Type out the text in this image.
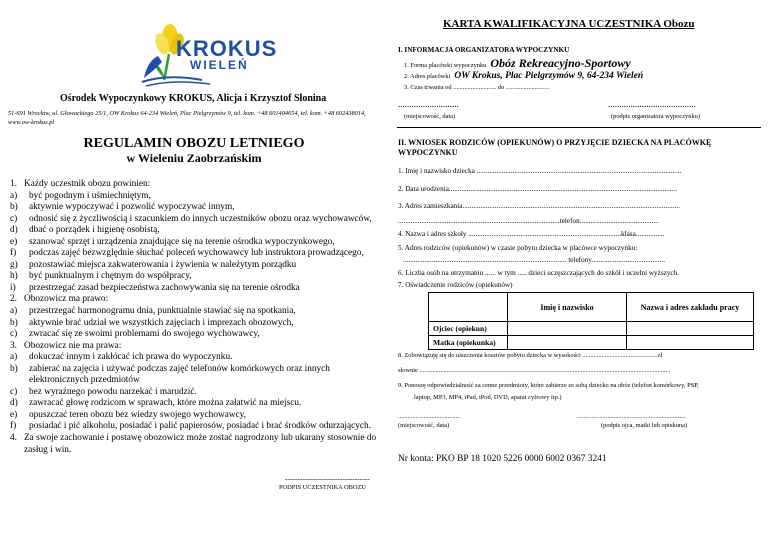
KARTA KWALIFIKACYJNA UCZESTNIKA Obozu
KROKUS
WIELEŃ
I. INFORMACJA ORGANIZATORA WYPOCZYNKU
1. Forma placówki wypoczynku Obóz Rekreacyjno-Sportowy
2. Adres placówki OW Krokus, Plac Pielgrzymów 9, 64-234 Wieleń
3. Czas trwania od ........................... do ...........................
...........................
(miejscowość, data)
.......................................
(podpis organizatora wypoczynku)
Ośrodek Wypoczynkowy KROKUS, Alicja i Krzysztof Słonina
51-691 Wrocław, ul. Głowackiego 25/1, OW Krokus 64-234 Wieleń, Plac Pielgrzymów 9, tel. kom. +48 601404654, tel. kom. +48 602438014, www.ow-krokus.pl
REGULAMIN OBOZU LETNIEGO
w Wieleniu Zaobrzańskim
1. Każdy uczestnik obozu powinien:
a)	być pogodnym i uśmiechniętym,
b)	aktywnie wypoczywać i pozwolić wypoczywać innym,
c)	odnosić się z życzliwością i szacunkiem do innych uczestników obozu oraz wychowawców,
d)	dbać o porządek i higienę osobistą,
e)	szanować sprzęt i urządzenia znajdujące się na terenie ośrodka wypoczynkowego,
f)	podczas zajęć bezwzględnie słuchać poleceń wychowawcy lub instruktora prowadzącego,
g)	pozostawiać miejsca zakwaterowania i żywienia w należytym porządku
h)	być punktualnym i chętnym do współpracy,
i)	przestrzegać zasad bezpieczeństwa zachowywania się na terenie ośrodka
2. Obozowicz ma prawo:
a)	przestrzegać harmonogramu dnia, punktualnie stawiać się na spotkania,
b)	aktywnie brać udział we wszystkich zajęciach i imprezach obozowych,
c)	zwracać się ze swoimi problemami do swojego wychowawcy,
3. Obozowicz nie ma prawa:
a)	dokuczać innym i zakłócać ich prawa do wypoczynku.
b)	zabierać na zajęcia i używać podczas zajęć telefonów komórkowych oraz innych elektronicznych przedmiotów
c)	bez wyraźnego powodu narzekać i marudzić.
d)	zawracać głowę rodzicom w sprawach, które można załatwić na miejscu.
e)	opuszczać teren obozu bez wiedzy swojego wychowawcy,
f)	posiadać i pić alkoholu, posiadać i palić papierosów, posiadać i brać środków odurzających.
4. Za swoje zachowanie i postawę obozowicz może zostać nagrodzony lub ukarany stosownie do zasług i win.
----------------------------------
PODPIS UCZESTNIKA OBOZU
II. WNIOSEK RODZICÓW (OPIEKUNÓW) O PRZYJĘCIE DZIECKA NA PLACÓWKĘ WYPOCZYNKU
1. Imię i nazwisko dziecka ..................................................................................................................
2. Data urodzenia...............................................................................................................................
3. Adres zamieszkania.........................................................................................................................
..........................................................................................telefon............................................
4. Nazwa i adres szkoły .....................................................................................klasa................
5. Adres rodziców (opiekunów) w czasie pobytu dziecka w placówce wypoczynku:
........................................................................................... telefony.........................................
6. Liczba osób na utrzymaniu ...... w tym ..... dzieci uczęszczających do szkół i uczelni wyższych.
7. Oświadczenie rodziców (opiekunów)
	Imię i nazwisko	Nazwa i adres zakładu pracy
Ojciec (opiekun)		
Matka (opiekunka)		
8. Zobowiązuję się do uiszczenia kosztów pobytu dziecka w wysokości ...............................................zł
słownie .............................................................................................................................................................
9. Ponoszę odpowiedzialność za cenne przedmioty, które zabierze ze sobą dziecko na obóz (telefon komórkowy, PSP,
laptop, MP3, MP4, iPad, iPod, DVD, aparat cyfrowy itp.)
.......................................
(miejscowość, data)
....................................................................
(podpis ojca, matki lub opiekuna)
Nr konta: PKO BP 18 1020 5226 0000 6002 0367 3241
